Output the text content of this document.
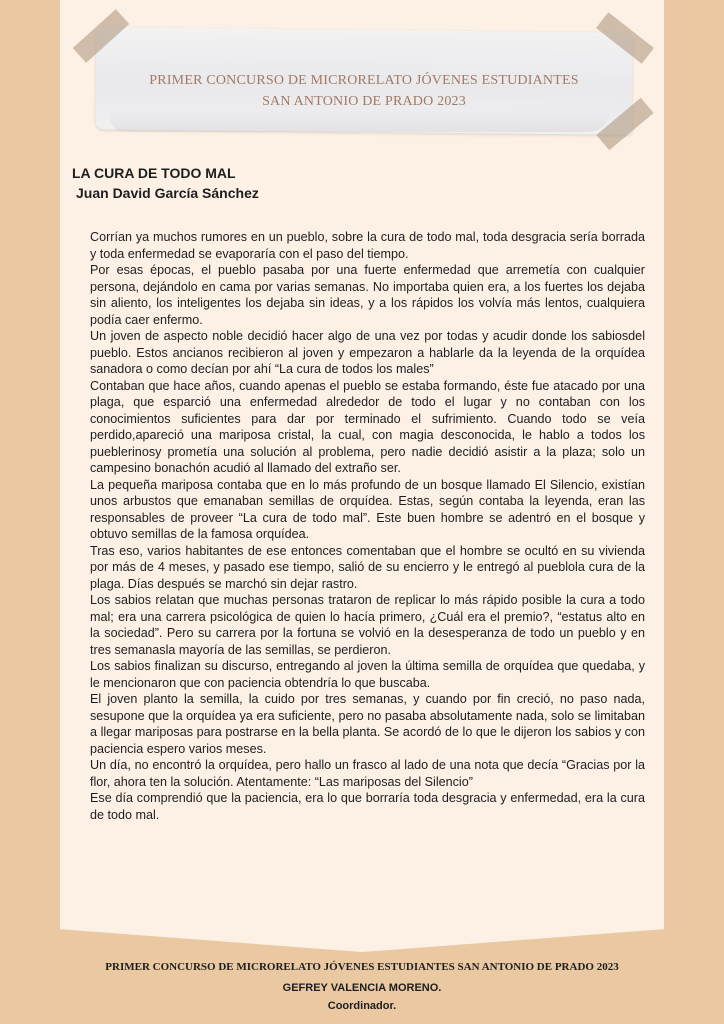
PRIMER CONCURSO DE MICRORELATO JÓVENES ESTUDIANTES
SAN ANTONIO DE PRADO 2023
LA CURA DE TODO MAL
Juan David García Sánchez

Corrían ya muchos rumores en un pueblo, sobre la cura de todo mal, toda desgracia sería borrada y toda enfermedad se evaporaría con el paso del tiempo.

Por esas épocas, el pueblo pasaba por una fuerte enfermedad que arremetía con cualquier persona, dejándolo en cama por varias semanas. No importaba quien era, a los fuertes los dejaba sin aliento, los inteligentes los dejaba sin ideas, y a los rápidos los volvía más lentos, cualquiera podía caer enfermo.

Un joven de aspecto noble decidió hacer algo de una vez por todas y acudir donde los sabiosdel pueblo. Estos ancianos recibieron al joven y empezaron a hablarle da la leyenda de la orquídea sanadora o como decían por ahí “La cura de todos los males”

Contaban que hace años, cuando apenas el pueblo se estaba formando, éste fue atacado por una plaga, que esparció una enfermedad alrededor de todo el lugar y no contaban con los conocimientos suficientes para dar por terminado el sufrimiento. Cuando todo se veía perdido,apareció una mariposa cristal, la cual, con magia desconocida, le hablo a todos los pueblerinosy prometía una solución al problema, pero nadie decidió asistir a la plaza; solo un campesino bonachón acudió al llamado del extraño ser.

La pequeña mariposa contaba que en lo más profundo de un bosque llamado El Silencio, existían unos arbustos que emanaban semillas de orquídea. Estas, según contaba la leyenda, eran las responsables de proveer “La cura de todo mal”. Este buen hombre se adentró en el bosque y obtuvo semillas de la famosa orquídea.

Tras eso, varios habitantes de ese entonces comentaban que el hombre se ocultó en su vivienda por más de 4 meses, y pasado ese tiempo, salió de su encierro y le entregó al pueblola cura de la plaga. Días después se marchó sin dejar rastro.

Los sabios relatan que muchas personas trataron de replicar lo más rápido posible la cura a todo mal; era una carrera psicológica de quien lo hacía primero, ¿Cuál era el premio?, “estatus alto en la sociedad”. Pero su carrera por la fortuna se volvió en la desesperanza de todo un pueblo y en tres semanasla mayoría de las semillas, se perdieron.

Los sabios finalizan su discurso, entregando al joven la última semilla de orquídea que quedaba, y le mencionaron que con paciencia obtendría lo que buscaba.

El joven planto la semilla, la cuido por tres semanas, y cuando por fin creció, no paso nada, sesupone que la orquídea ya era suficiente, pero no pasaba absolutamente nada, solo se limitaban a llegar mariposas para postrarse en la bella planta. Se acordó de lo que le dijeron los sabios y con paciencia espero varios meses.

Un día, no encontró la orquídea, pero hallo un frasco al lado de una nota que decía “Gracias por la flor, ahora ten la solución. Atentamente: “Las mariposas del Silencio”

Ese día comprendió que la paciencia, era lo que borraría toda desgracia y enfermedad, era la cura de todo mal.

PRIMER CONCURSO DE MICRORELATO JÓVENES ESTUDIANTES SAN ANTONIO DE PRADO 2023

GEFREY VALENCIA MORENO.

Coordinador.
